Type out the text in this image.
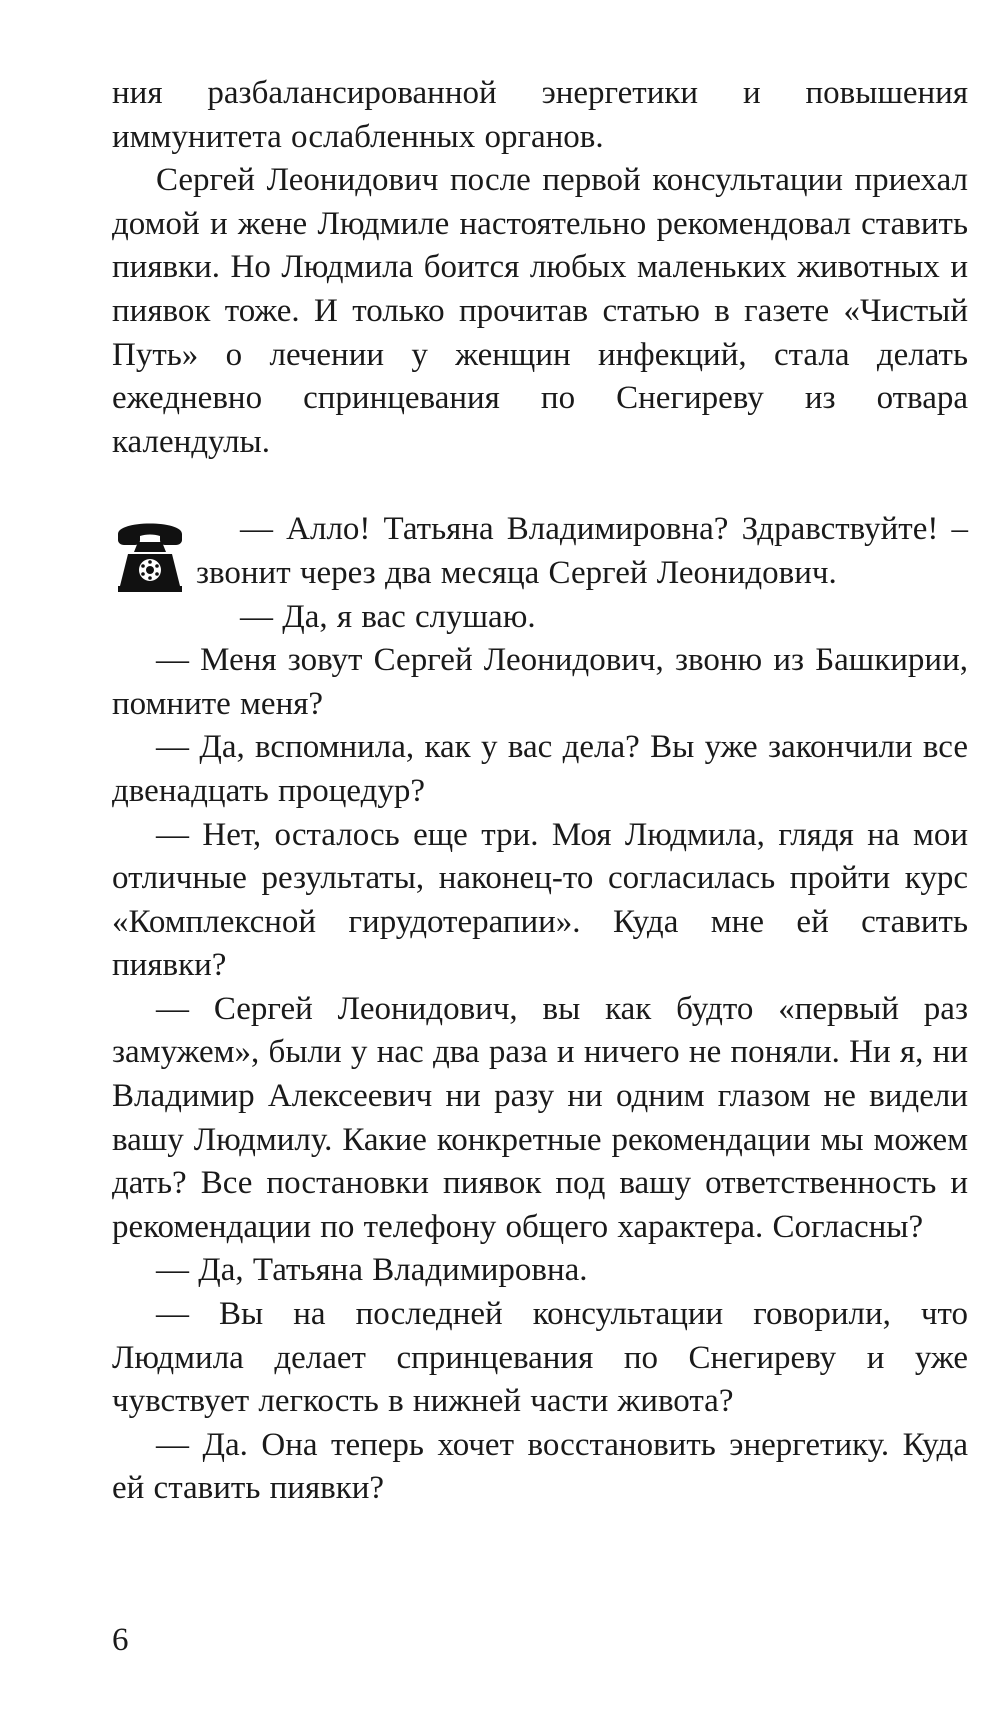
ния разбалансированной энергетики и повышения иммунитета ослабленных органов.

Сергей Леонидович после первой консультации приехал домой и жене Людмиле настоятельно рекомендовал ставить пиявки. Но Людмила боится любых маленьких животных и пиявок тоже. И только прочитав статью в газете «Чистый Путь» о лечении у женщин инфекций, стала делать ежедневно спринцевания по Снегиреву из отвара календулы.

— Алло! Татьяна Владимировна? Здравствуйте! – звонит через два месяца Сергей Леонидович.

— Да, я вас слушаю.

— Меня зовут Сергей Леонидович, звоню из Башкирии, помните меня?

— Да, вспомнила, как у вас дела? Вы уже закончили все двенадцать процедур?

— Нет, осталось еще три. Моя Людмила, глядя на мои отличные результаты, наконец-то согласилась пройти курс «Комплексной гирудотерапии». Куда мне ей ставить пиявки?

— Сергей Леонидович, вы как будто «первый раз замужем», были у нас два раза и ничего не поняли. Ни я, ни Владимир Алексеевич ни разу ни одним глазом не видели вашу Людмилу. Какие конкретные рекомендации мы можем дать? Все постановки пиявок под вашу ответственность и рекомендации по телефону общего характера. Согласны?

— Да, Татьяна Владимировна.

— Вы на последней консультации говорили, что Людмила делает спринцевания по Снегиреву и уже чувствует легкость в нижней части живота?

— Да. Она теперь хочет восстановить энергетику. Куда ей ставить пиявки?

6
